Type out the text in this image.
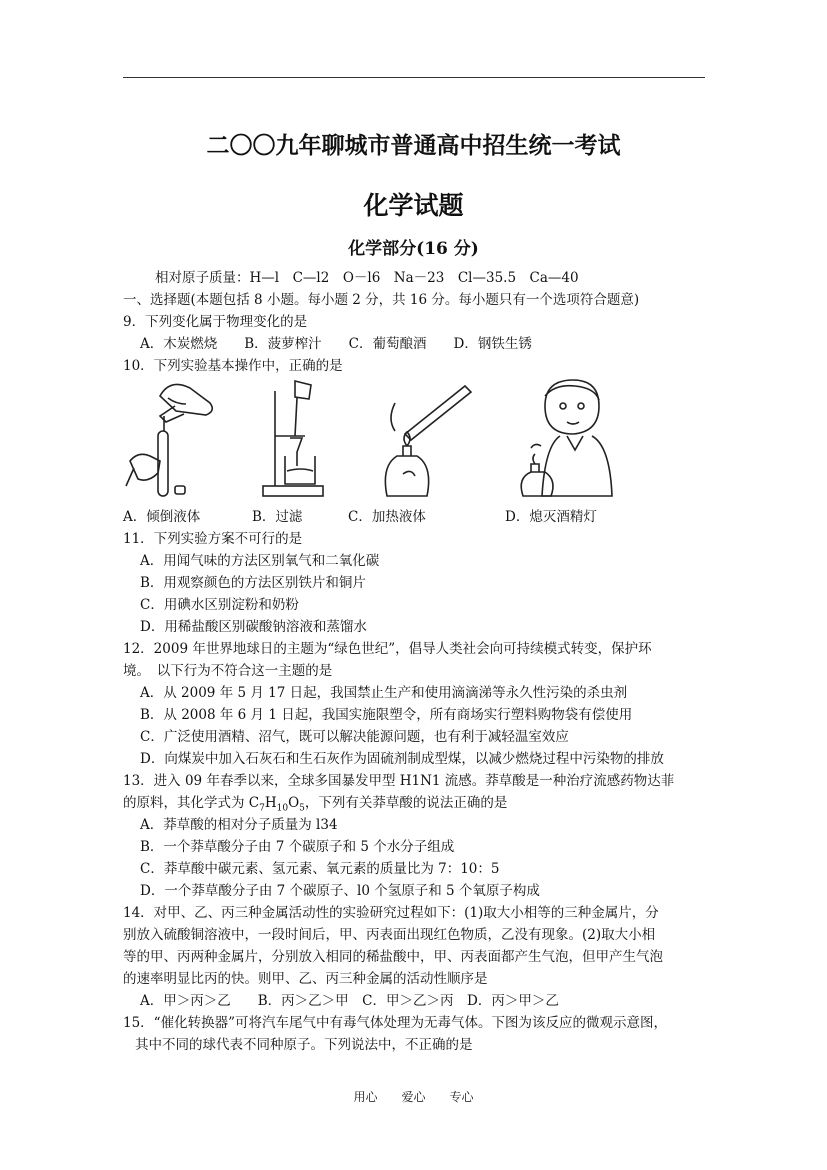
二〇〇九年聊城市普通高中招生统一考试
化学试题
化学部分(16 分)
相对原子质量：H—l　C—l2　O－l6　Na－23　Cl—35.5　Ca—40
一、选择题(本题包括 8 小题。每小题 2 分，共 16 分。每小题只有一个选项符合题意)
9．下列变化属于物理变化的是
A．木炭燃烧　　B．菠萝榨汁　　C．葡萄酿酒　　D．钢铁生锈
10．下列实验基本操作中，正确的是
A．倾倒液体	B．过滤	C．加热液体	D．熄灭酒精灯
11．下列实验方案不可行的是
A．用闻气味的方法区别氧气和二氧化碳
B．用观察颜色的方法区别铁片和铜片
C．用碘水区别淀粉和奶粉
D．用稀盐酸区别碳酸钠溶液和蒸馏水
12．2009 年世界地球日的主题为“绿色世纪”，倡导人类社会向可持续模式转变，保护环
境。　以下行为不符合这一主题的是
A．从 2009 年 5 月 17 日起，我国禁止生产和使用滴滴涕等永久性污染的杀虫剂
B．从 2008 年 6 月 1 日起，我国实施限塑令，所有商场实行塑料购物袋有偿使用
C．广泛使用酒精、沼气，既可以解决能源问题，也有利于减轻温室效应
D．向煤炭中加入石灰石和生石灰作为固硫剂制成型煤，以减少燃烧过程中污染物的排放
13．进入 09 年春季以来，全球多国暴发甲型 H1N1 流感。莽草酸是一种治疗流感药物达菲
的原料，其化学式为 $C_7H_{10}O_5$，下列有关莽草酸的说法正确的是
A．莽草酸的相对分子质量为 l34
B．一个莽草酸分子由 7 个碳原子和 5 个水分子组成
C．莽草酸中碳元素、氢元素、氧元素的质量比为 7：10：5
D．一个莽草酸分子由 7 个碳原子、l0 个氢原子和 5 个氧原子构成
14．对甲、乙、丙三种金属活动性的实验研究过程如下：(1)取大小相等的三种金属片，分
别放入硫酸铜溶液中，一段时间后，甲、丙表面出现红色物质，乙没有现象。(2)取大小相
等的甲、丙两种金属片，分别放入相同的稀盐酸中，甲、丙表面都产生气泡，但甲产生气泡
的速率明显比丙的快。则甲、乙、丙三种金属的活动性顺序是
A．甲＞丙＞乙　　B．丙＞乙＞甲　C．甲＞乙＞丙　D．丙＞甲＞乙
15．“催化转换器”可将汽车尾气中有毒气体处理为无毒气体。下图为该反应的微观示意图，
其中不同的球代表不同种原子。下列说法中，不正确的是
用心　　爱心　　专心
